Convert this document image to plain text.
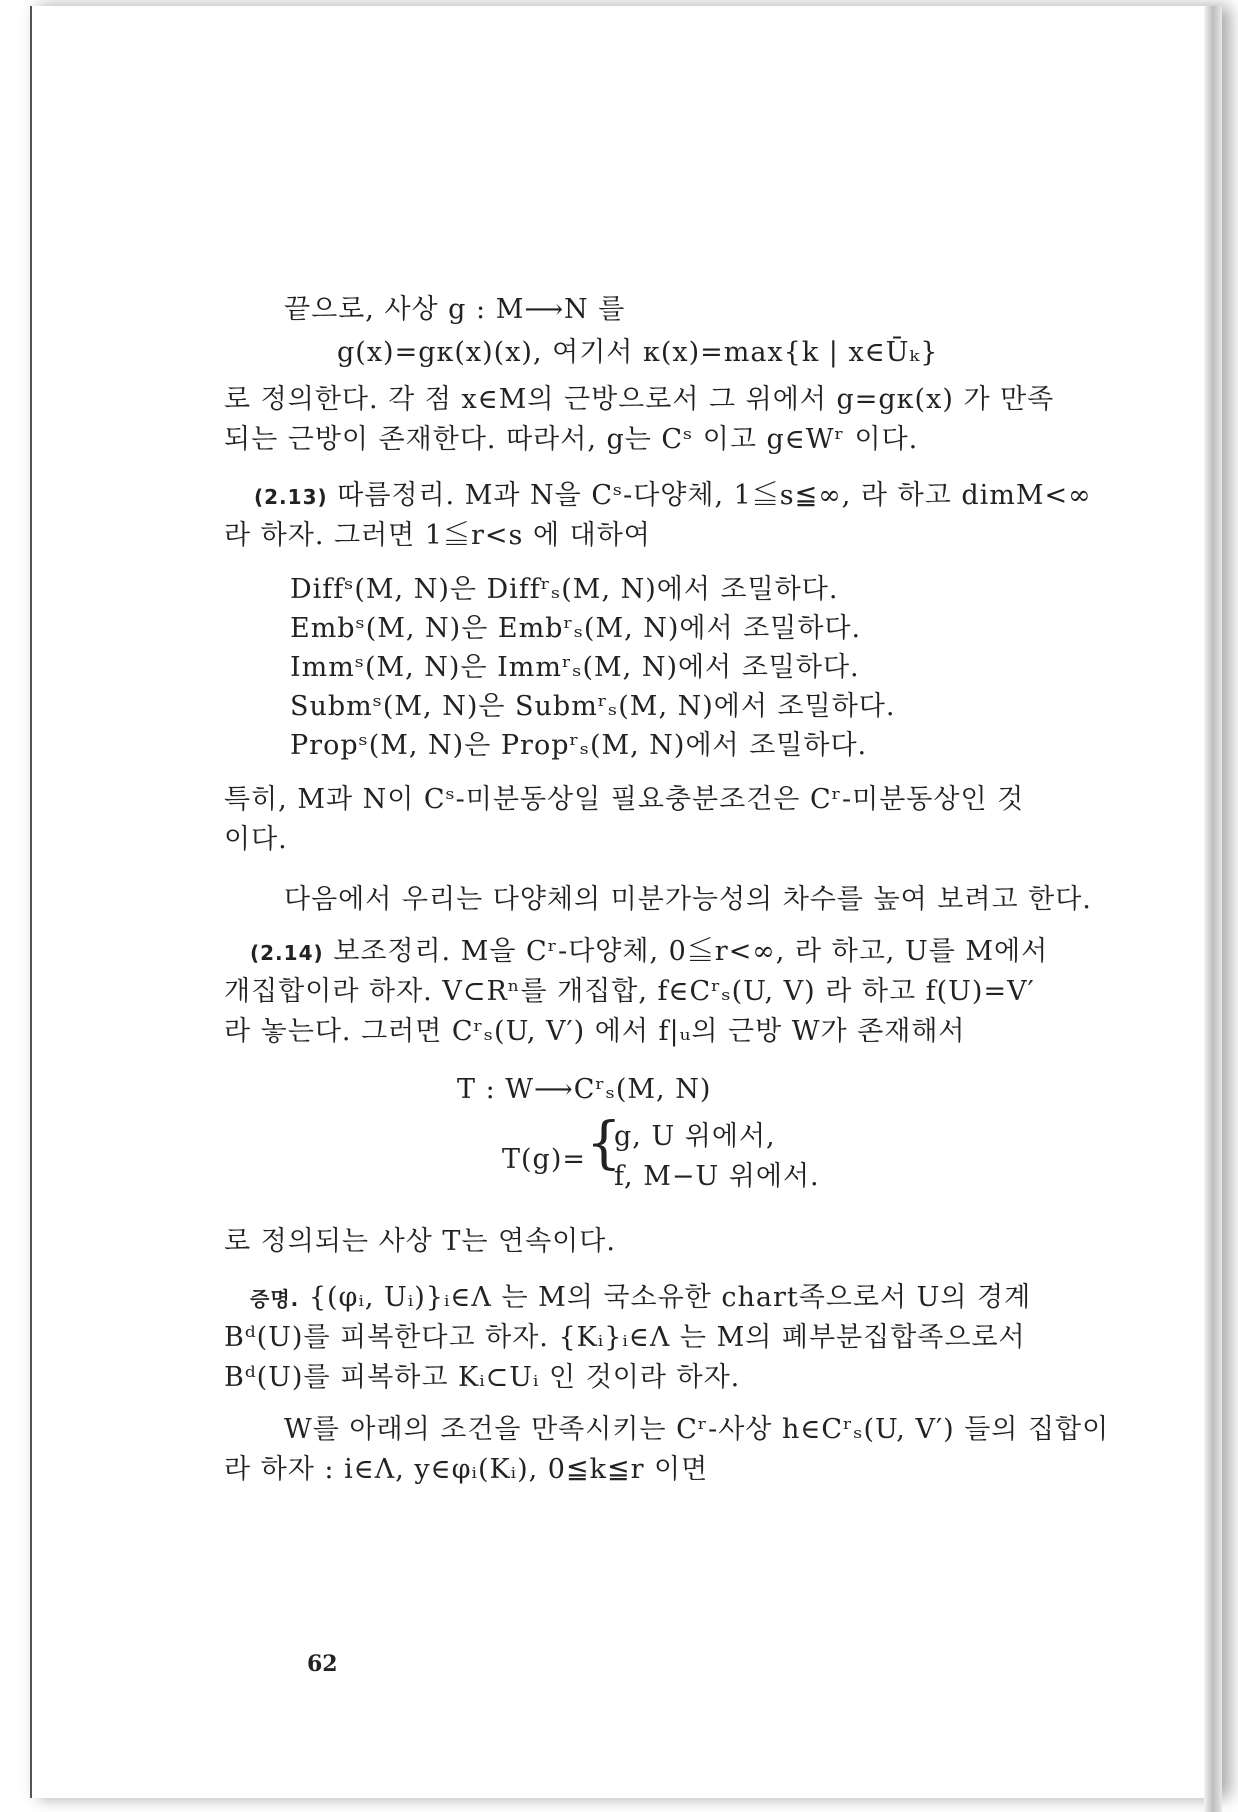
끝으로, 사상 g : M⟶N 를
g(x)=gκ(x)(x), 여기서 κ(x)=max{k | x∈Ūₖ}
로 정의한다. 각 점 x∈M의 근방으로서 그 위에서 g=gκ(x) 가 만족
되는 근방이 존재한다. 따라서, g는 Cˢ 이고 g∈Wʳ 이다.
(2.13) 따름정리. M과 N을 Cˢ-다양체, 1≦s≦∞, 라 하고 dimM<∞
라 하자. 그러면 1≦r<s 에 대하여
Diffˢ(M, N)은 Diffʳₛ(M, N)에서 조밀하다.
Embˢ(M, N)은 Embʳₛ(M, N)에서 조밀하다.
Immˢ(M, N)은 Immʳₛ(M, N)에서 조밀하다.
Submˢ(M, N)은 Submʳₛ(M, N)에서 조밀하다.
Propˢ(M, N)은 Propʳₛ(M, N)에서 조밀하다.
특히, M과 N이 Cˢ-미분동상일 필요충분조건은 Cʳ-미분동상인 것
이다.
다음에서 우리는 다양체의 미분가능성의 차수를 높여 보려고 한다.
(2.14) 보조정리. M을 Cʳ-다양체, 0≦r<∞, 라 하고, U를 M에서
개집합이라 하자. V⊂Rⁿ를 개집합, f∈Cʳₛ(U, V) 라 하고 f(U)=V′
라 놓는다. 그러면 Cʳₛ(U, V′) 에서 f|ᵤ의 근방 W가 존재해서
T : W⟶Cʳₛ(M, N)
T(g)= {
g, U 위에서,
f, M−U 위에서.
로 정의되는 사상 T는 연속이다.
증명. {(φᵢ, Uᵢ)}ᵢ∈Λ 는 M의 국소유한 chart족으로서 U의 경계
Bᵈ(U)를 피복한다고 하자. {Kᵢ}ᵢ∈Λ 는 M의 폐부분집합족으로서
Bᵈ(U)를 피복하고 Kᵢ⊂Uᵢ 인 것이라 하자.
W를 아래의 조건을 만족시키는 Cʳ-사상 h∈Cʳₛ(U, V′) 들의 집합이
라 하자 : i∈Λ, y∈φᵢ(Kᵢ), 0≦k≦r 이면
62
